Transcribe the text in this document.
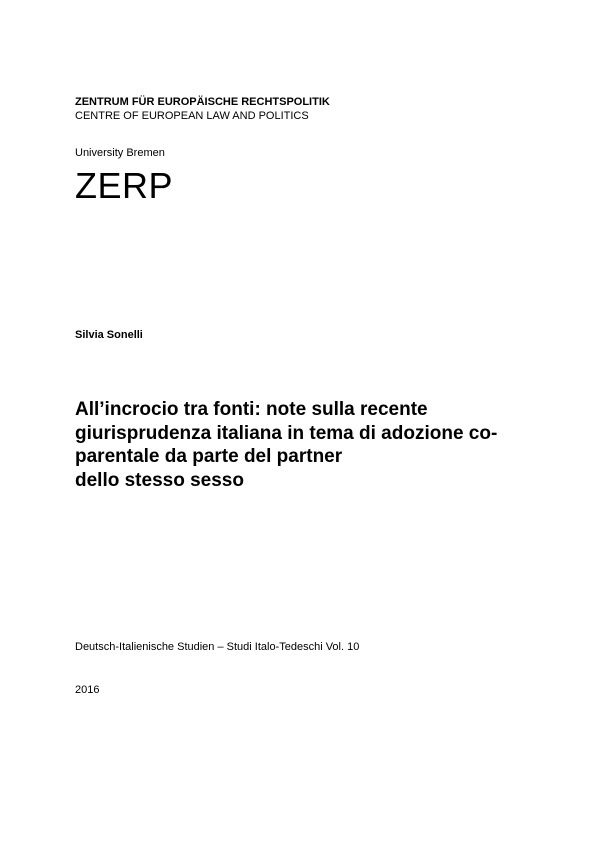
ZENTRUM FÜR EUROPÄISCHE RECHTSPOLITIK

CENTRE OF EUROPEAN LAW AND POLITICS

University Bremen

ZERP

Silvia Sonelli

All’incrocio tra fonti: note sulla recente
giurisprudenza italiana in tema di adozione co-
parentale da parte del partner
dello stesso sesso

Deutsch-Italienische Studien – Studi Italo-Tedeschi Vol. 10

2016
